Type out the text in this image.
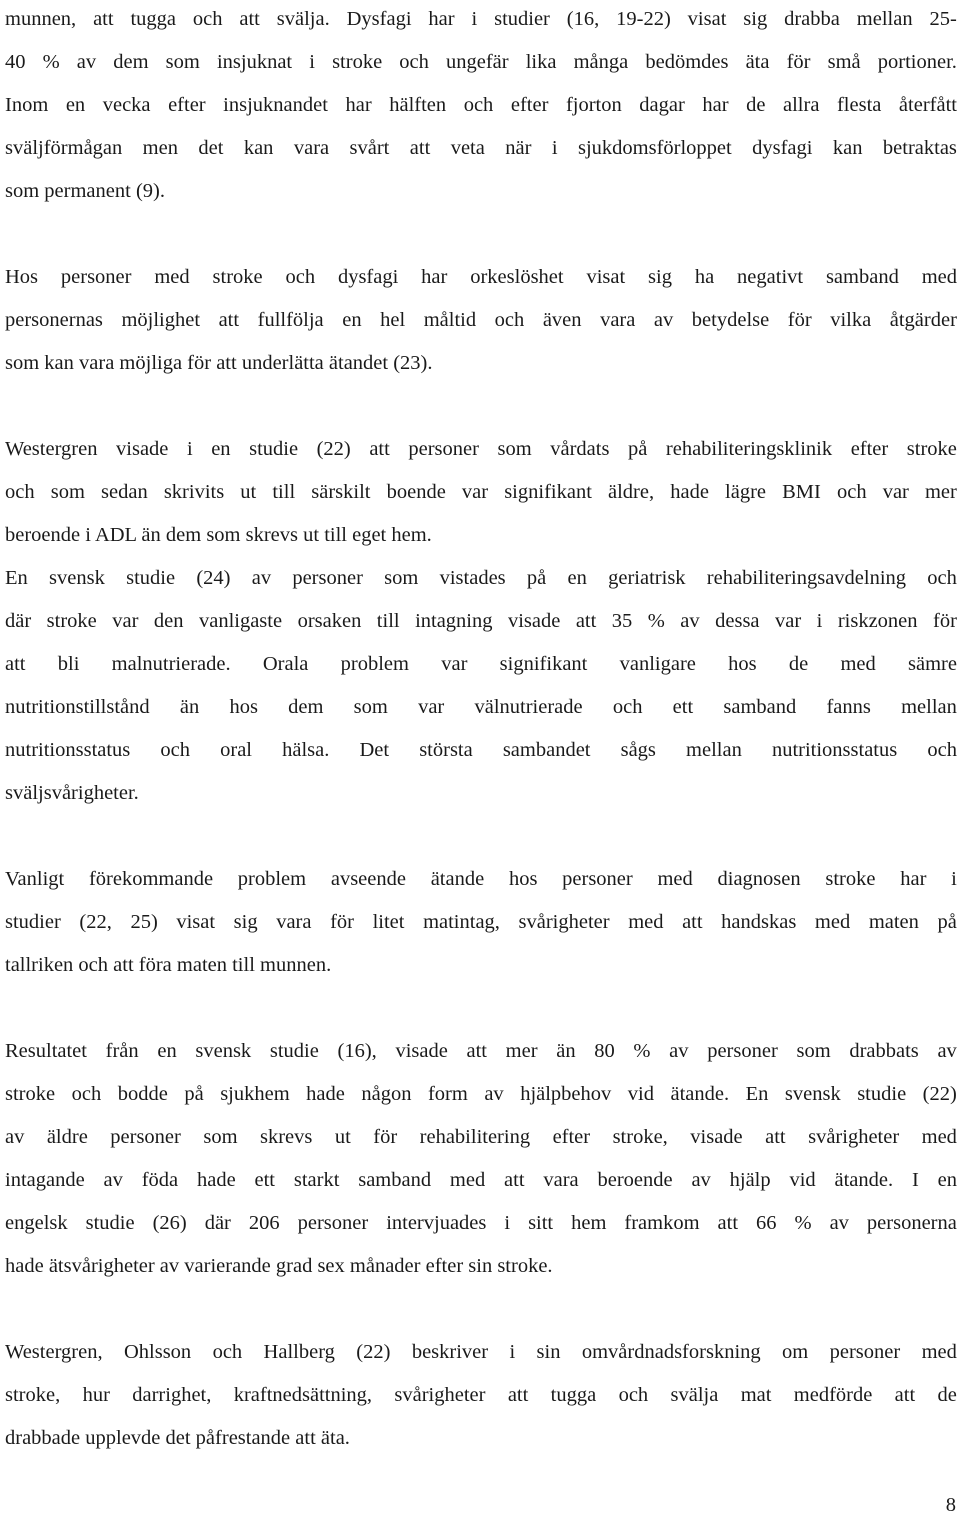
munnen, att tugga och att svälja. Dysfagi har i studier (16, 19-22) visat sig drabba mellan 25-
40 % av dem som insjuknat i stroke och ungefär lika många bedömdes äta för små portioner.
Inom en vecka efter insjuknandet har hälften och efter fjorton dagar har de allra flesta återfått
sväljförmågan men det kan vara svårt att veta när i sjukdomsförloppet dysfagi kan betraktas
som permanent (9).
Hos personer med stroke och dysfagi har orkeslöshet visat sig ha negativt samband med
personernas möjlighet att fullfölja en hel måltid och även vara av betydelse för vilka åtgärder
som kan vara möjliga för att underlätta ätandet (23).
Westergren visade i en studie (22) att personer som vårdats på rehabiliteringsklinik efter stroke
och som sedan skrivits ut till särskilt boende var signifikant äldre, hade lägre BMI och var mer
beroende i ADL än dem som skrevs ut till eget hem.
En svensk studie (24) av personer som vistades på en geriatrisk rehabiliteringsavdelning och
där stroke var den vanligaste orsaken till intagning visade att 35 % av dessa var i riskzonen för
att bli malnutrierade. Orala problem var signifikant vanligare hos de med sämre
nutritionstillstånd än hos dem som var välnutrierade och ett samband fanns mellan
nutritionsstatus och oral hälsa. Det största sambandet sågs mellan nutritionsstatus och
sväljsvårigheter.
Vanligt förekommande problem avseende ätande hos personer med diagnosen stroke har i
studier (22, 25) visat sig vara för litet matintag, svårigheter med att handskas med maten på
tallriken och att föra maten till munnen.
Resultatet från en svensk studie (16), visade att mer än 80 % av personer som drabbats av
stroke och bodde på sjukhem hade någon form av hjälpbehov vid ätande. En svensk studie (22)
av äldre personer som skrevs ut för rehabilitering efter stroke, visade att svårigheter med
intagande av föda hade ett starkt samband med att vara beroende av hjälp vid ätande. I en
engelsk studie (26) där 206 personer intervjuades i sitt hem framkom att 66 % av personerna
hade ätsvårigheter av varierande grad sex månader efter sin stroke.
Westergren, Ohlsson och Hallberg (22) beskriver i sin omvårdnadsforskning om personer med
stroke, hur darrighet, kraftnedsättning, svårigheter att tugga och svälja mat medförde att de
drabbade upplevde det påfrestande att äta.
8
